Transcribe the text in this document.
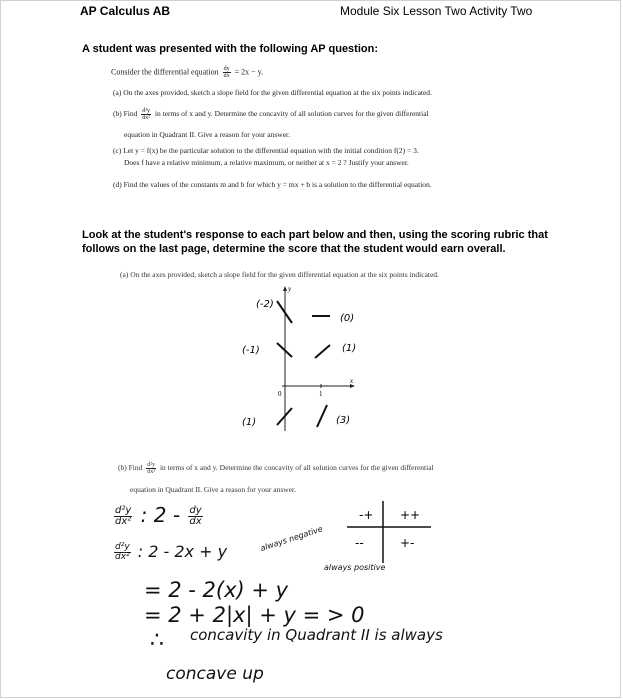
AP Calculus AB	Module Six Lesson Two Activity Two
A student was presented with the following AP question:
Consider the differential equation $\frac{dy}{dx} = 2x - y$.
(a) On the axes provided, sketch a slope field for the given differential equation at the six points indicated.
(b) Find $\frac{\text{d²y}}{\text{dx²}}$ in terms of x and y. Determine the concavity of all solution curves for the given differential
equation in Quadrant II. Give a reason for your answer.
(c) Let y = f(x) be the particular solution to the differential equation with the initial condition f(2) = 3.
Does f have a relative minimum, a relative maximum, or neither at x = 2 ? Justify your answer.
(d) Find the values of the constants m and b for which y = mx + b is a solution to the differential equation.
Look at the student's response to each part below and then, using the scoring rubric that
follows on the last page, determine the score that the student would earn overall.
(a) On the axes provided, sketch a slope field for the given differential equation at the six points indicated.
(-2)
(0)
(-1)	(1)
(1)	(3)
0	1
x
y
(b) Find $\frac{\text{d²y}}{\text{dx²}}$ in terms of x and y. Determine the concavity of all solution curves for the given differential
equation in Quadrant II. Give a reason for your answer.
$\frac{\text{d²y}}{\text{dx²}}$ : $2 - \frac{dy}{dx}$
$\frac{\text{d²y}}{\text{dx²}}$ : 2 - 2x + y	always negative
always positive
-+ ++
--	+-
= 2 - 2(x) + y
= 2 + 2|x| + y = > 0
∴ concavity in Quadrant II is always
concave up
